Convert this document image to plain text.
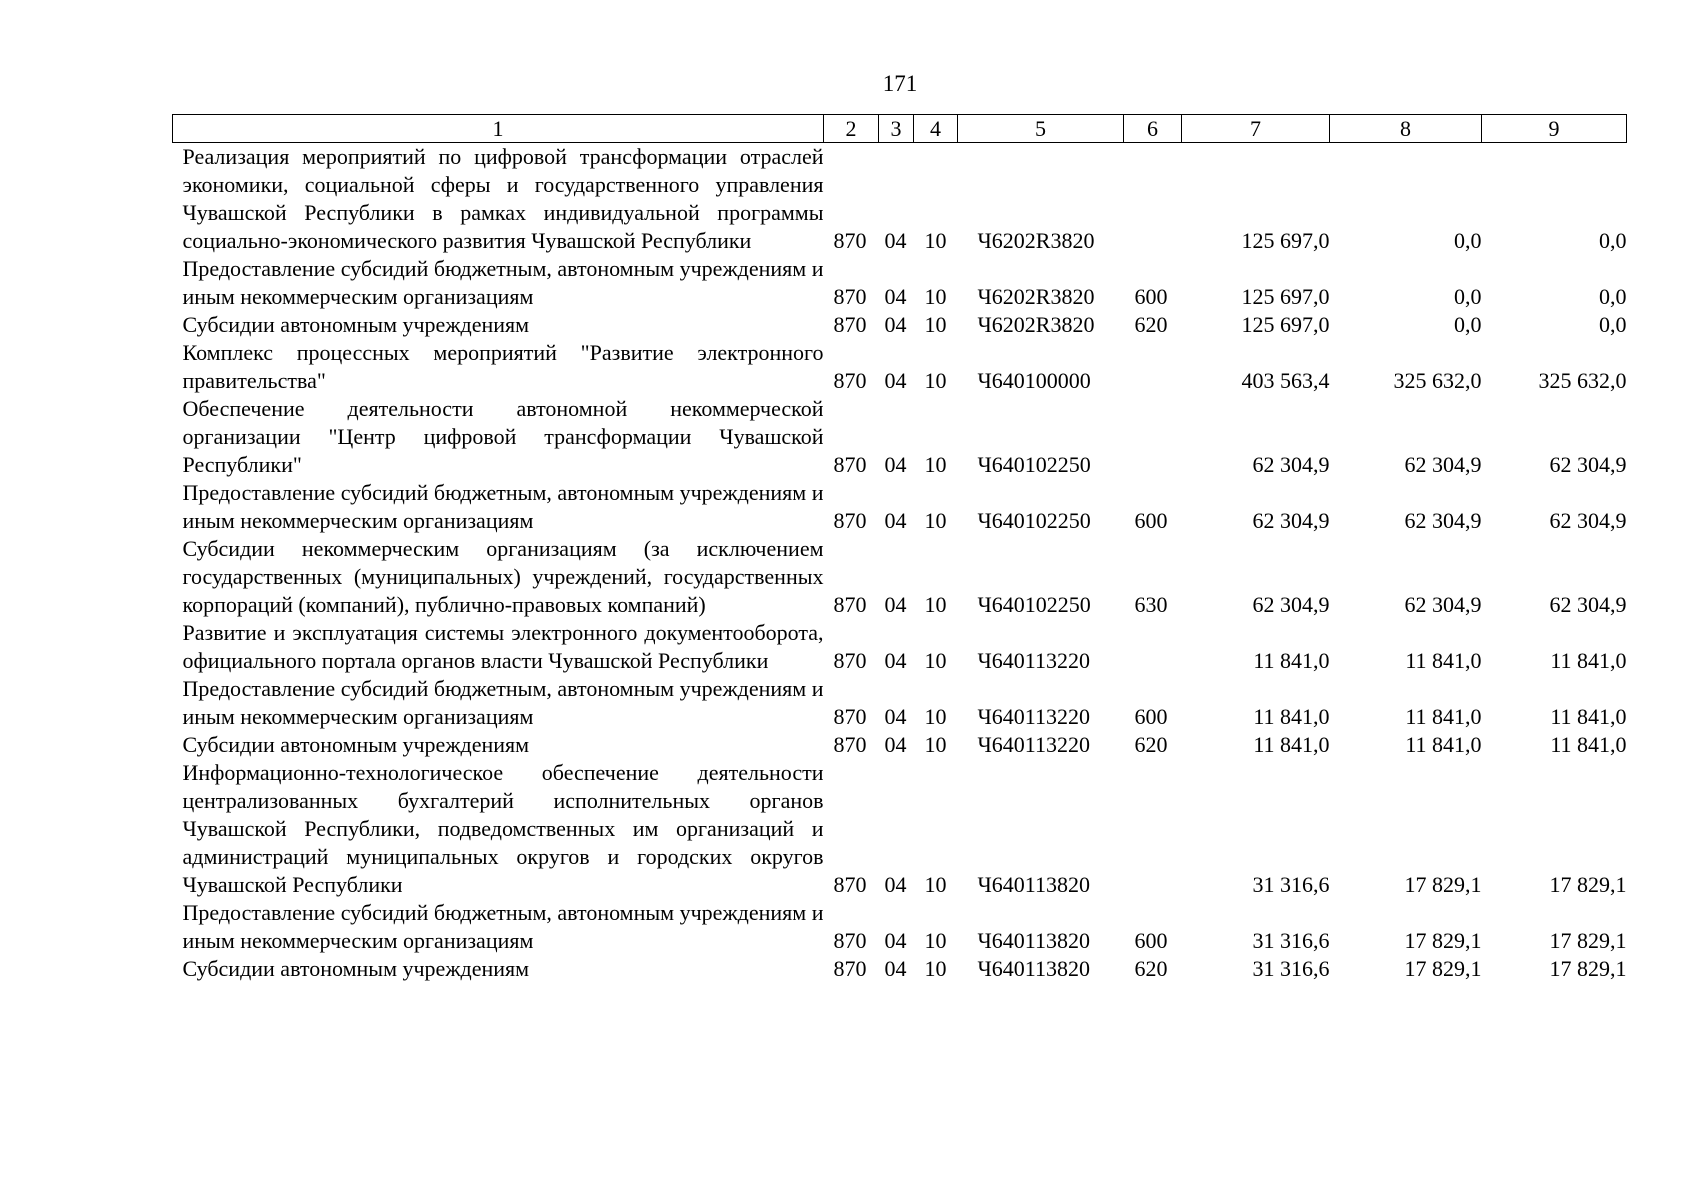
171
1	2	3	4	5	6	7	8	9
Реализация мероприятий по цифровой трансформации отраслей экономики, социальной сферы и государственного управления Чувашской Республики в рамках индивидуальной программы социально-экономического развития Чувашской Республики	870	04	10	Ч6202R3820		125 697,0	0,0	0,0
Предоставление субсидий бюджетным, автономным учреждениям и иным некоммерческим организациям	870	04	10	Ч6202R3820	600	125 697,0	0,0	0,0
Субсидии автономным учреждениям	870	04	10	Ч6202R3820	620	125 697,0	0,0	0,0
Комплекс процессных мероприятий "Развитие электронного правительства"	870	04	10	Ч640100000		403 563,4	325 632,0	325 632,0
Обеспечение деятельности автономной некоммерческой организации "Центр цифровой трансформации Чувашской Республики"	870	04	10	Ч640102250		62 304,9	62 304,9	62 304,9
Предоставление субсидий бюджетным, автономным учреждениям и иным некоммерческим организациям	870	04	10	Ч640102250	600	62 304,9	62 304,9	62 304,9
Субсидии некоммерческим организациям (за исключением государственных (муниципальных) учреждений, государственных корпораций (компаний), публично-правовых компаний)	870	04	10	Ч640102250	630	62 304,9	62 304,9	62 304,9
Развитие и эксплуатация системы электронного документооборота, официального портала органов власти Чувашской Республики	870	04	10	Ч640113220		11 841,0	11 841,0	11 841,0
Предоставление субсидий бюджетным, автономным учреждениям и иным некоммерческим организациям	870	04	10	Ч640113220	600	11 841,0	11 841,0	11 841,0
Субсидии автономным учреждениям	870	04	10	Ч640113220	620	11 841,0	11 841,0	11 841,0
Информационно-технологическое обеспечение деятельности централизованных бухгалтерий исполнительных органов Чувашской Республики, подведомственных им организаций и администраций муниципальных округов и городских округов Чувашской Республики	870	04	10	Ч640113820		31 316,6	17 829,1	17 829,1
Предоставление субсидий бюджетным, автономным учреждениям и иным некоммерческим организациям	870	04	10	Ч640113820	600	31 316,6	17 829,1	17 829,1
Субсидии автономным учреждениям	870	04	10	Ч640113820	620	31 316,6	17 829,1	17 829,1
